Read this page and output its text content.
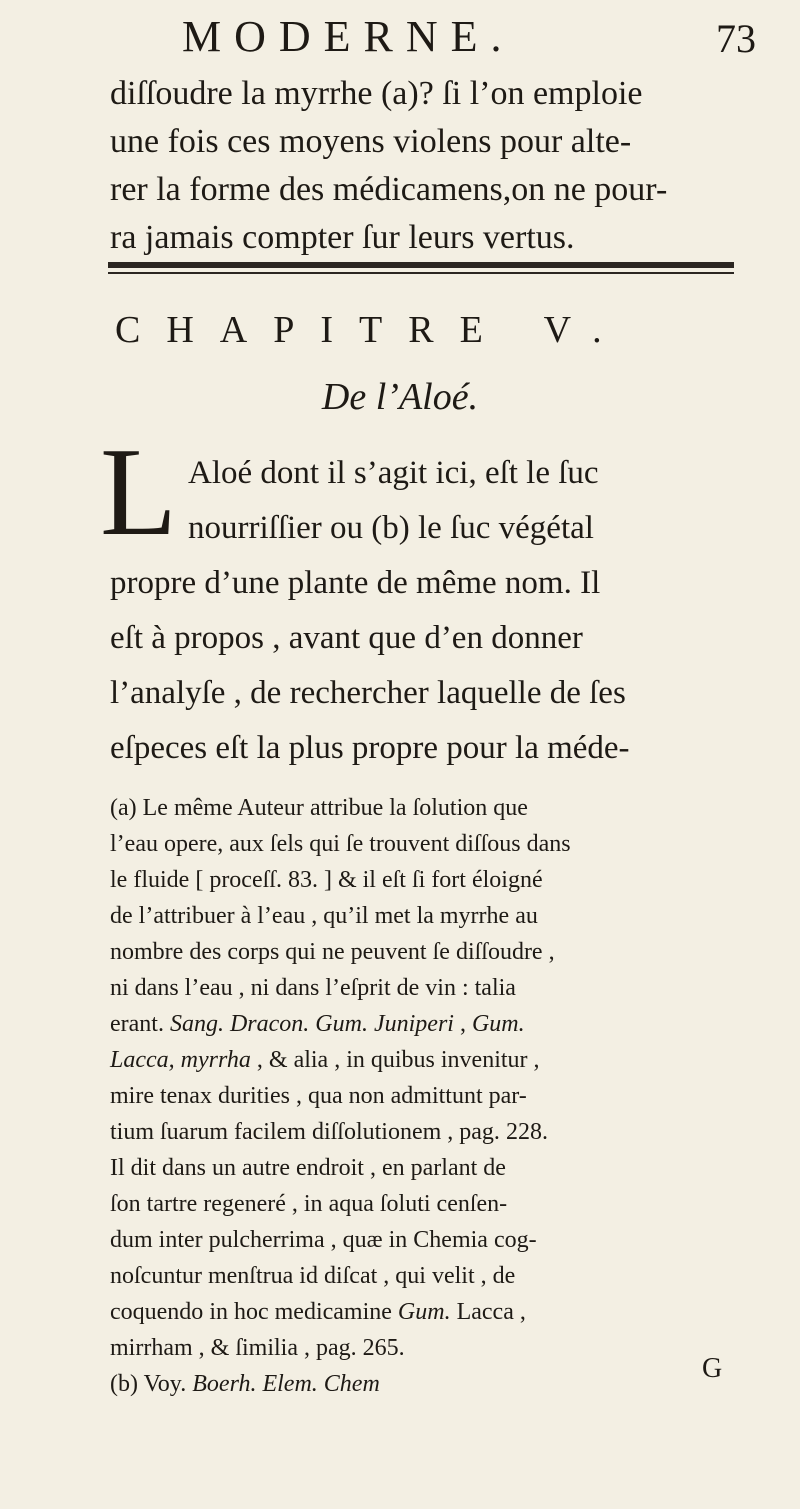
MODERNE.	73
diſſoudre la myrrhe (a)? ſi l’on emploie
une fois ces moyens violens pour alte-
rer la forme des médicamens,on ne pour-
ra jamais compter ſur leurs vertus.
CHAPITRE V.
De l’Aloé.
L Aloé dont il s’agit ici, eſt le ſuc
nourriſſier ou (b) le ſuc végétal
propre d’une plante de même nom. Il
eſt à propos , avant que d’en donner
l’analyſe , de rechercher laquelle de ſes
eſpeces eſt la plus propre pour la méde-
(a) Le même Auteur attribue la ſolution que
l’eau opere, aux ſels qui ſe trouvent diſſous dans
le fluide [ proceſſ. 83. ] & il eſt ſi fort éloigné
de l’attribuer à l’eau , qu’il met la myrrhe au
nombre des corps qui ne peuvent ſe diſſoudre ,
ni dans l’eau , ni dans l’eſprit de vin : talia
erant. Sang. Dracon. Gum. Juniperi , Gum.
Lacca, myrrha , & alia , in quibus invenitur ,
mire tenax durities , qua non admittunt par-
tium ſuarum facilem diſſolutionem , pag. 228.
Il dit dans un autre endroit , en parlant de
ſon tartre regeneré , in aqua ſoluti cenſen-
dum inter pulcherrima , quæ in Chemia cog-
noſcuntur menſtrua id diſcat , qui velit , de
coquendo in hoc medicamine Gum. Lacca ,
mirrham , & ſimilia , pag. 265.
(b) Voy. Boerh. Elem. Chem	G
